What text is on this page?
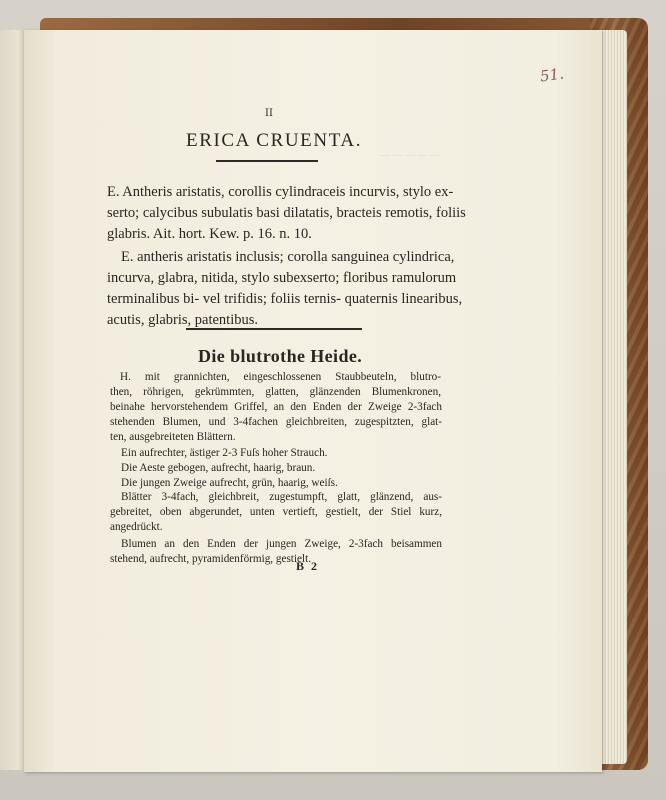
— — — — —
51.
II
ERICA CRUENTA.
E. Antheris aristatis, corollis cylindraceis incurvis, stylo ex-
serto; calycibus subulatis basi dilatatis, bracteis remotis, foliis
glabris. Ait. hort. Kew. p. 16. n. 10.
E. antheris aristatis inclusis; corolla sanguinea cylindrica,
incurva, glabra, nitida, stylo subexserto; floribus ramulorum
terminalibus bi- vel trifidis; foliis ternis- quaternis linearibus,
acutis, glabris, patentibus.
Die blutrothe Heide.
H. mit grannichten, eingeschlossenen Staubbeuteln, blutro-
then, röhrigen, gekrümmten, glatten, glänzenden Blumenkronen,
beinahe hervorstehendem Griffel, an den Enden der Zweige 2-3fach
stehenden Blumen, und 3-4fachen gleichbreiten, zugespitzten, glat-
ten, ausgebreiteten Blättern.
Ein aufrechter, ästiger 2-3 Fuſs hoher Strauch.
Die Aeste gebogen, aufrecht, haarig, braun.
Die jungen Zweige aufrecht, grün, haarig, weiſs.
Blätter 3-4fach, gleichbreit, zugestumpft, glatt, glänzend, aus-
gebreitet, oben abgerundet, unten vertieft, gestielt, der Stiel kurz,
angedrückt.
Blumen an den Enden der jungen Zweige, 2-3fach beisammen
stehend, aufrecht, pyramidenförmig, gestielt.
B 2
